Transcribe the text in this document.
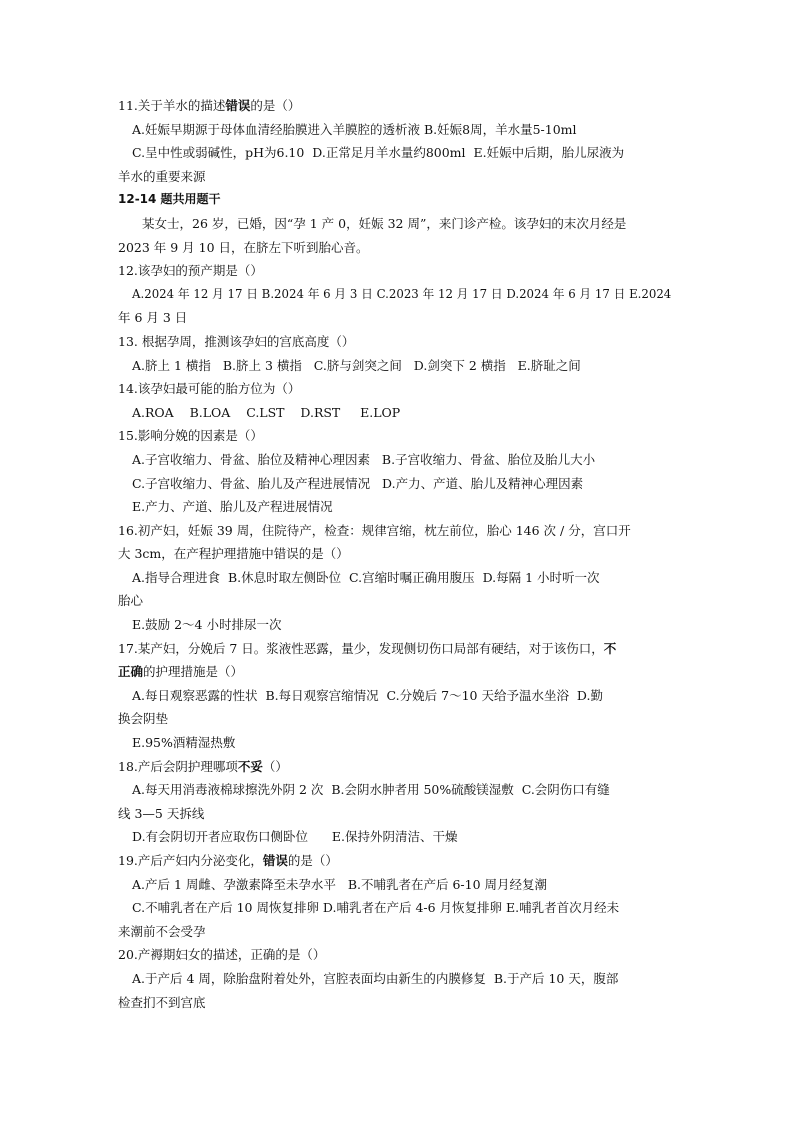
11.关于羊水的描述错误的是（）
A.妊娠早期源于母体血清经胎膜进入羊膜腔的透析液 B.妊娠8周，羊水量5-10ml
C.呈中性或弱碱性，pH为6.10  D.正常足月羊水量约800ml  E.妊娠中后期，胎儿尿液为
羊水的重要来源
12-14 题共用题干
某女士，26 岁，已婚，因“孕 1 产 0，妊娠 32 周”，来门诊产检。该孕妇的末次月经是
2023 年 9 月 10 日，在脐左下听到胎心音。
12.该孕妇的预产期是（）
A.2024 年 12 月 17 日 B.2024 年 6 月 3 日 C.2023 年 12 月 17 日 D.2024 年 6 月 17 日 E.2024
年 6 月 3 日
13. 根据孕周，推测该孕妇的宫底高度（）
A.脐上 1 横指   B.脐上 3 横指   C.脐与剑突之间   D.剑突下 2 横指   E.脐耻之间
14.该孕妇最可能的胎方位为（）
A.ROA    B.LOA    C.LST    D.RST     E.LOP
15.影响分娩的因素是（）
A.子宫收缩力、骨盆、胎位及精神心理因素   B.子宫收缩力、骨盆、胎位及胎儿大小
C.子宫收缩力、骨盆、胎儿及产程进展情况   D.产力、产道、胎儿及精神心理因素
E.产力、产道、胎儿及产程进展情况
16.初产妇，妊娠 39 周，住院待产，检查：规律宫缩，枕左前位，胎心 146 次 / 分，宫口开
大 3cm，在产程护理措施中错误的是（）
A.指导合理进食  B.休息时取左侧卧位  C.宫缩时嘱正确用腹压  D.每隔 1 小时听一次
胎心
E.鼓励 2～4 小时排尿一次
17.某产妇，分娩后 7 日。浆液性恶露，量少，发现侧切伤口局部有硬结，对于该伤口，不
正确的护理措施是（）
A.每日观察恶露的性状  B.每日观察宫缩情况  C.分娩后 7～10 天给予温水坐浴  D.勤
换会阴垫
E.95%酒精湿热敷
18.产后会阴护理哪项不妥（）
A.每天用消毒液棉球擦洗外阴 2 次  B.会阴水肿者用 50%硫酸镁湿敷  C.会阴伤口有缝
线 3—5 天拆线
D.有会阴切开者应取伤口侧卧位      E.保持外阴清洁、干燥
19.产后产妇内分泌变化，错误的是（）
A.产后 1 周雌、孕激素降至未孕水平   B.不哺乳者在产后 6-10 周月经复潮
C.不哺乳者在产后 10 周恢复排卵 D.哺乳者在产后 4-6 月恢复排卵 E.哺乳者首次月经未
来潮前不会受孕
20.产褥期妇女的描述，正确的是（）
A.于产后 4 周，除胎盘附着处外，宫腔表面均由新生的内膜修复  B.于产后 10 天，腹部
检查扪不到宫底
